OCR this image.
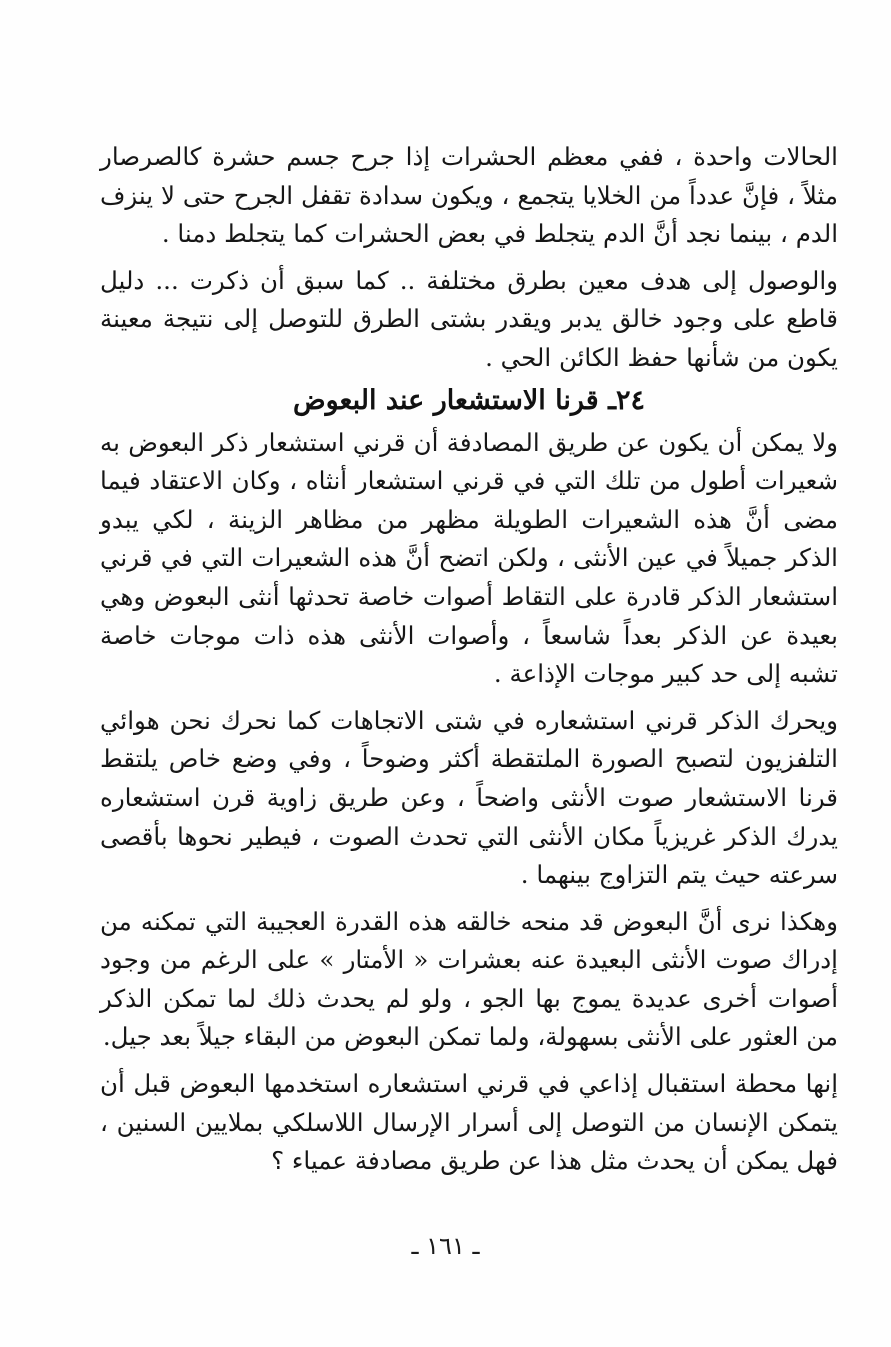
الحالات واحدة ، ففي معظم الحشرات إذا جرح جسم حشرة كالصرصار مثلاً ، فإنَّ عدداً من الخلايا يتجمع ، ويكون سدادة تقفل الجرح حتى لا ينزف الدم ، بينما نجد أنَّ الدم يتجلط في بعض الحشرات كما يتجلط دمنا .

والوصول إلى هدف معين بطرق مختلفة .. كما سبق أن ذكرت ... دليل قاطع على وجود خالق يدبر ويقدر بشتى الطرق للتوصل إلى نتيجة معينة يكون من شأنها حفظ الكائن الحي .

٢٤ـ قرنا الاستشعار عند البعوض

ولا يمكن أن يكون عن طريق المصادفة أن قرني استشعار ذكر البعوض به شعيرات أطول من تلك التي في قرني استشعار أنثاه ، وكان الاعتقاد فيما مضى أنَّ هذه الشعيرات الطويلة مظهر من مظاهر الزينة ، لكي يبدو الذكر جميلاً في عين الأنثى ، ولكن اتضح أنَّ هذه الشعيرات التي في قرني استشعار الذكر قادرة على التقاط أصوات خاصة تحدثها أنثى البعوض وهي بعيدة عن الذكر بعداً شاسعاً ، وأصوات الأنثى هذه ذات موجات خاصة تشبه إلى حد كبير موجات الإذاعة .

ويحرك الذكر قرني استشعاره في شتى الاتجاهات كما نحرك نحن هوائي التلفزيون لتصبح الصورة الملتقطة أكثر وضوحاً ، وفي وضع خاص يلتقط قرنا الاستشعار صوت الأنثى واضحاً ، وعن طريق زاوية قرن استشعاره يدرك الذكر غريزياً مكان الأنثى التي تحدث الصوت ، فيطير نحوها بأقصى سرعته حيث يتم التزاوج بينهما .

وهكذا نرى أنَّ البعوض قد منحه خالقه هذه القدرة العجيبة التي تمكنه من إدراك صوت الأنثى البعيدة عنه بعشرات « الأمتار » على الرغم من وجود أصوات أخرى عديدة يموج بها الجو ، ولو لم يحدث ذلك لما تمكن الذكر من العثور على الأنثى بسهولة، ولما تمكن البعوض من البقاء جيلاً بعد جيل.

إنها محطة استقبال إذاعي في قرني استشعاره استخدمها البعوض قبل أن يتمكن الإنسان من التوصل إلى أسرار الإرسال اللاسلكي بملايين السنين ، فهل يمكن أن يحدث مثل هذا عن طريق مصادفة عمياء ؟

ـ ١٦١ ـ
